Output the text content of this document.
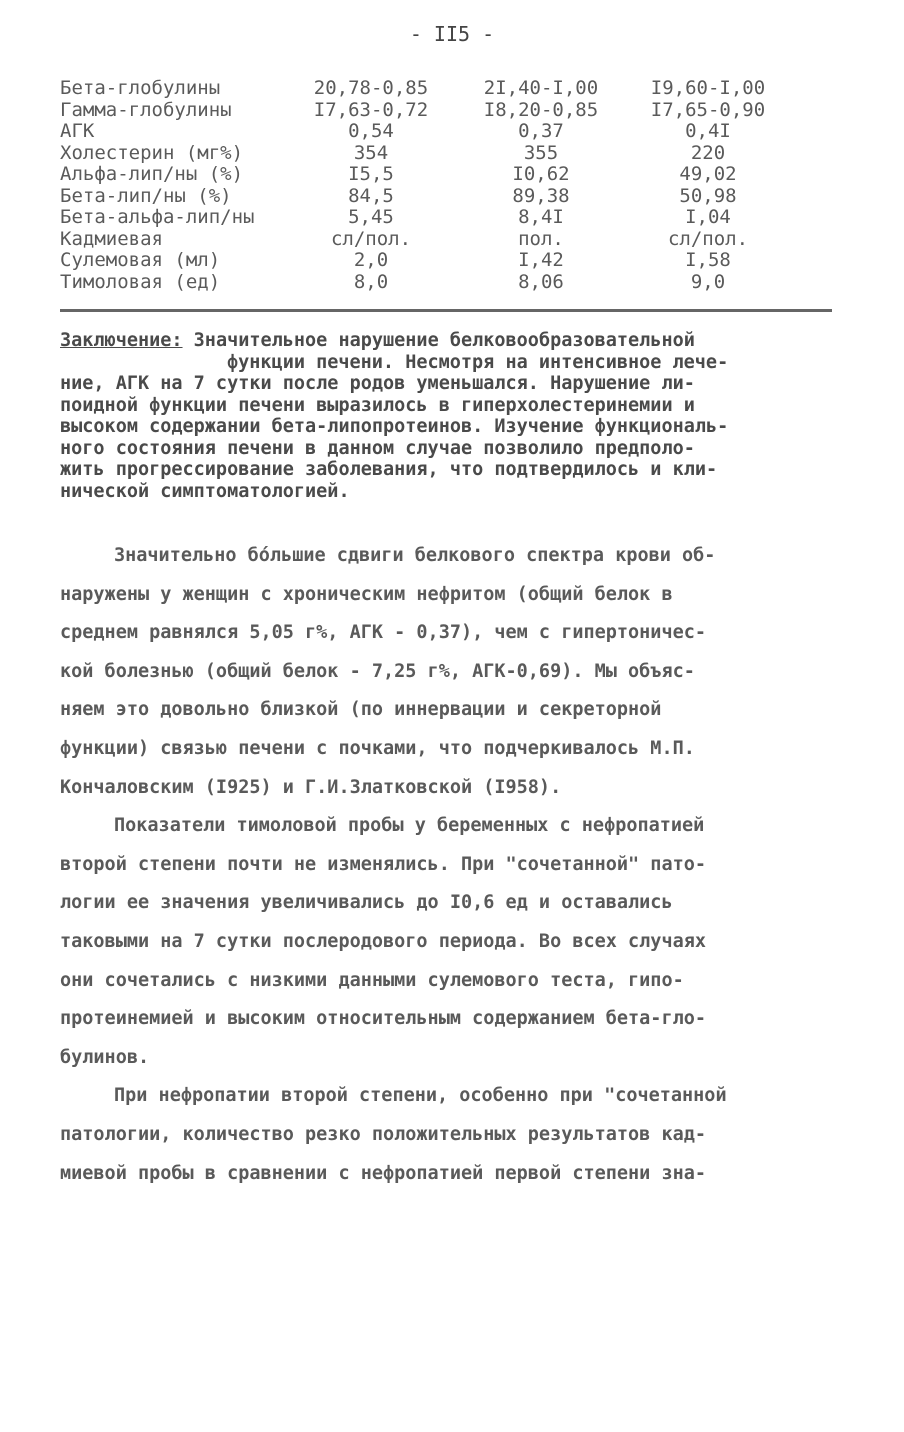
- II5 -
Бета-глобулины	20,78-0,85	2I,40-I,00	I9,60-I,00
Гамма-глобулины	I7,63-0,72	I8,20-0,85	I7,65-0,90
АГК	0,54	0,37	0,4I
Холестерин (мг%)	354	355	220
Альфа-лип/ны (%)	I5,5	I0,62	49,02
Бета-лип/ны (%)	84,5	89,38	50,98
Бета-альфа-лип/ны	5,45	8,4I	I,04
Кадмиевая	сл/пол.	пол.	сл/пол.
Сулемовая (мл)	2,0	I,42	I,58
Тимоловая (ед)	8,0	8,06	9,0
Заключение: Значительное нарушение белковообразовательной
функции печени. Несмотря на интенсивное лече-
ние, АГК на 7 сутки после родов уменьшался. Нарушение ли-
поидной функции печени выразилось в гиперхолестеринемии и
высоком содержании бета-липопротеинов. Изучение функциональ-
ного состояния печени в данном случае позволило предполо-
жить прогрессирование заболевания, что подтвердилось и кли-
нической симптоматологией.
Значительно бо́льшие сдвиги белкового спектра крови об-
наружены у женщин с хроническим нефритом (общий белок в
среднем равнялся 5,05 г%, АГК - 0,37), чем с гипертоничес-
кой болезнью (общий белок - 7,25 г%, АГК-0,69). Мы объяс-
няем это довольно близкой (по иннервации и секреторной
функции) связью печени с почками, что подчеркивалось М.П.
Кончаловским (I925) и Г.И.Златковской (I958).
Показатели тимоловой пробы у беременных с нефропатией
второй степени почти не изменялись. При "сочетанной" пато-
логии ее значения увеличивались до I0,6 ед и оставались
таковыми на 7 сутки послеродового периода. Во всех случаях
они сочетались с низкими данными сулемового теста, гипо-
протеинемией и высоким относительным содержанием бета-гло-
булинов.
При нефропатии второй степени, особенно при "сочетанной
патологии, количество резко положительных результатов кад-
миевой пробы в сравнении с нефропатией первой степени зна-
